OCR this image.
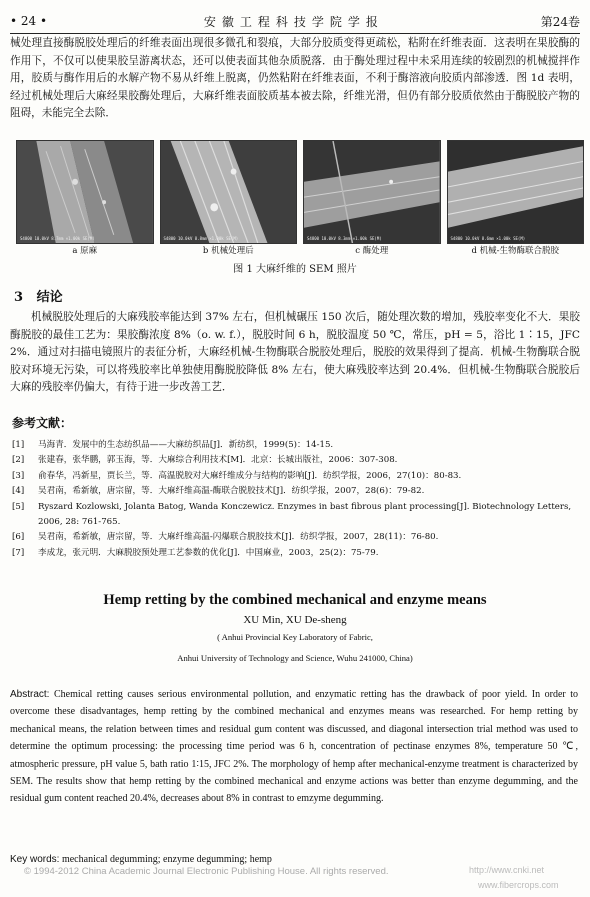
• 24 •	安徽工程科技学院学报	第24卷
械处理直接酶脱胶处理后的纤维表面出现很多微孔和裂痕，大部分胶质变得更疏松，粘附在纤维表面．这表明在果胶酶的作用下，不仅可以使果胶呈游离状态，还可以使表面其他杂质脱落．由于酶处理过程中未采用连续的较剧烈的机械搅拌作用，胶质与酶作用后的水解产物不易从纤维上脱离，仍然粘附在纤维表面，不利于酶溶液向胶质内部渗透．图 1d 表明，经过机械处理后大麻经果胶酶处理后，大麻纤维表面胶质基本被去除，纤维光滑，但仍有部分胶质依然由于酶脱胶产物的阻碍，未能完全去除．
S4800 10.0kV 8.7mm ×1.00k SE(M)	S4800 10.0kV 8.8mm ×1.00k SE(M)	S4800 10.0kV 8.3mm ×1.00k SE(M)	S4800 10.0kV 8.6mm ×1.00k SE(M)
a 原麻	b 机械处理后	c 酶处理	d 机械-生物酶联合脱胶
图 1 大麻纤维的 SEM 照片
3 结论
机械脱胶处理后的大麻残胶率能达到 37% 左右，但机械碾压 150 次后，随处理次数的增加，残胶率变化不大．果胶酶脱胶的最佳工艺为：果胶酶浓度 8%（o. w. f.），脱胶时间 6 h，脱胶温度 50 ℃，常压，pH = 5，浴比 1∶15，JFC 2%．通过对扫描电镜照片的表征分析，大麻经机械-生物酶联合脱胶处理后，脱胶的效果得到了提高．机械-生物酶联合脱胶对环境无污染，可以将残胶率比单独使用酶脱胶降低 8% 左右，使大麻残胶率达到 20.4%．但机械-生物酶联合脱胶后大麻的残胶率仍偏大，有待于进一步改善工艺．
参考文献：
[1]	马海青．发展中的生态纺织品——大麻纺织品[J]．新纺织，1999(5)：14-15.
[2]	张建春，张华鹏，郭玉海，等．大麻综合利用技术[M]．北京：长城出版社，2006：307-308.
[3]	俞春华，冯新星，贾长兰，等．高温脱胶对大麻纤维成分与结构的影响[J]．纺织学报，2006，27(10)：80-83.
[4]	吴君南，希新敏，唐宗留，等．大麻纤维高温-酶联合脱胶技术[J]．纺织学报，2007，28(6)：79-82.
[5]	Ryszard Kozlowski, Jolanta Batog, Wanda Konczewicz. Enzymes in bast fibrous plant processing[J]. Biotechnology Letters, 2006, 28: 761-765.
[6]	吴君南，希新敏，唐宗留，等．大麻纤维高温-闪爆联合脱胶技术[J]．纺织学报，2007，28(11)：76-80.
[7]	李成龙，张元明．大麻脱胶预处理工艺参数的优化[J]．中国麻业，2003，25(2)：75-79.
Hemp retting by the combined mechanical and enzyme means
XU Min, XU De-sheng
( Anhui Provincial Key Laboratory of Fabric,
Anhui University of Technology and Science, Wuhu 241000, China)
Abstract: Chemical retting causes serious environmental pollution, and enzymatic retting has the drawback of poor yield. In order to overcome these disadvantages, hemp retting by the combined mechanical and enzymes means was researched. For hemp retting by mechanical means, the relation between times and residual gum content was discussed, and diagonal intersection trial method was used to determine the optimum processing: the processing time period was 6 h, concentration of pectinase enzymes 8%, temperature 50 ℃, atmospheric pressure, pH value 5, bath ratio 1∶15, JFC 2%. The morphology of hemp after mechanical-enzyme treatment is characterized by SEM. The results show that hemp retting by the combined mechanical and enzyme actions was better than enzyme degumming, and the residual gum content reached 20.4%, decreases about 8% in contrast to emzyme degumming.
Key words: mechanical degumming; enzyme degumming; hemp
© 1994-2012 China Academic Journal Electronic Publishing House. All rights reserved.	http://www.cnki.net
www.fibercrops.com
